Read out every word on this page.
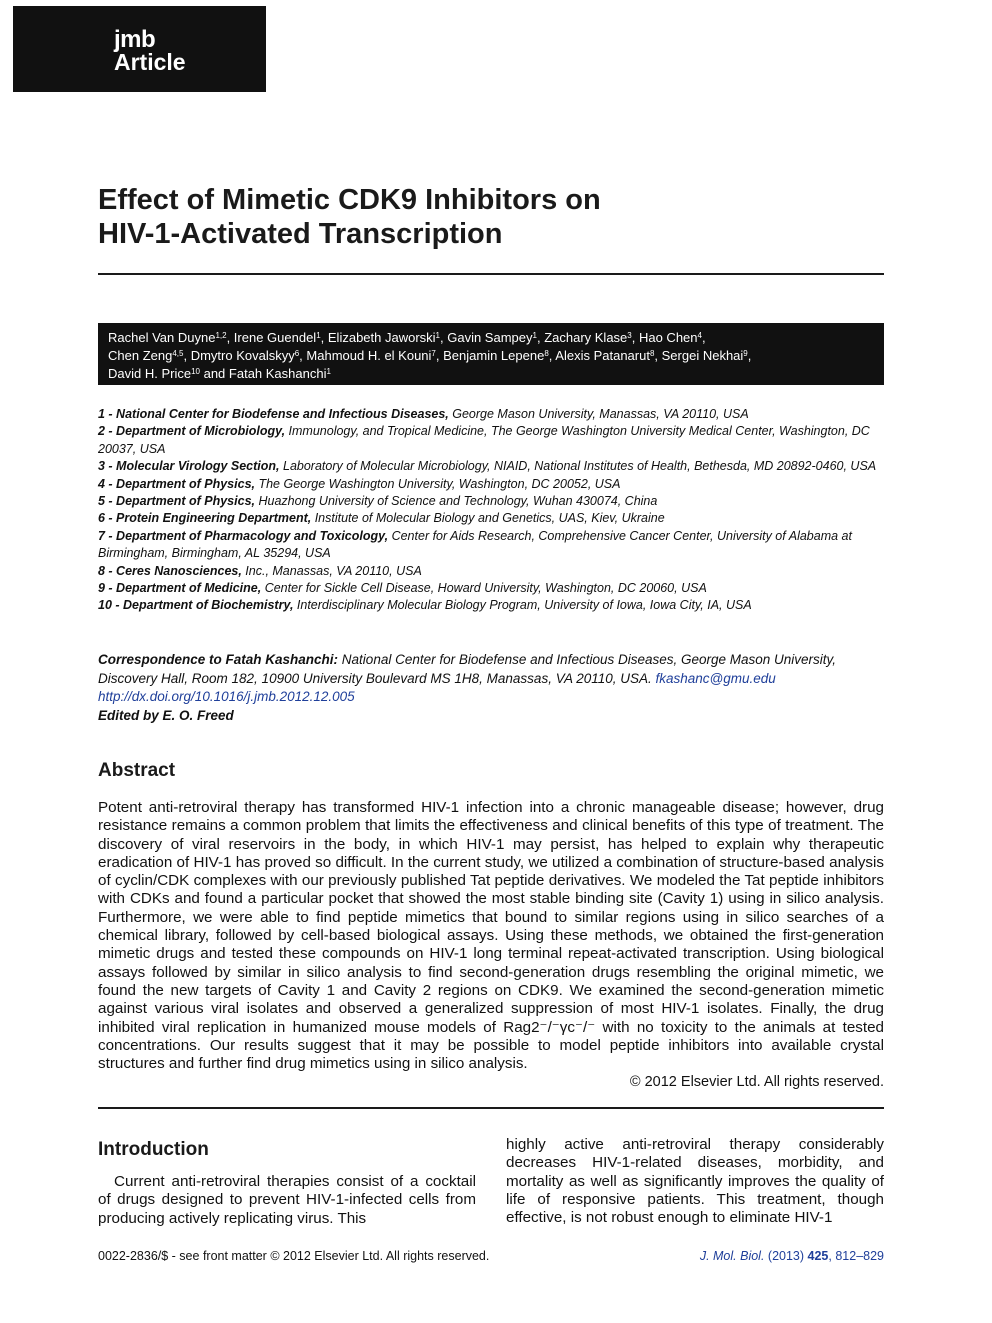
jmb
Article
Effect of Mimetic CDK9 Inhibitors on
HIV-1-Activated Transcription
Rachel Van Duyne$^{1,2}$, Irene Guendel$^1$, Elizabeth Jaworski$^1$, Gavin Sampey$^1$, Zachary Klase$^3$, Hao Chen$^4$,
Chen Zeng$^{4,5}$, Dmytro Kovalskyy$^6$, Mahmoud H. el Kouni$^7$, Benjamin Lepene$^8$, Alexis Patanarut$^8$, Sergei Nekhai$^9$,
David H. Price$^{10}$ and Fatah Kashanchi$^1$
1 - National Center for Biodefense and Infectious Diseases, George Mason University, Manassas, VA 20110, USA
2 - Department of Microbiology, Immunology, and Tropical Medicine, The George Washington University Medical Center, Washington, DC 20037, USA
3 - Molecular Virology Section, Laboratory of Molecular Microbiology, NIAID, National Institutes of Health, Bethesda, MD 20892-0460, USA
4 - Department of Physics, The George Washington University, Washington, DC 20052, USA
5 - Department of Physics, Huazhong University of Science and Technology, Wuhan 430074, China
6 - Protein Engineering Department, Institute of Molecular Biology and Genetics, UAS, Kiev, Ukraine
7 - Department of Pharmacology and Toxicology, Center for Aids Research, Comprehensive Cancer Center, University of Alabama at Birmingham, Birmingham, AL 35294, USA
8 - Ceres Nanosciences, Inc., Manassas, VA 20110, USA
9 - Department of Medicine, Center for Sickle Cell Disease, Howard University, Washington, DC 20060, USA
10 - Department of Biochemistry, Interdisciplinary Molecular Biology Program, University of Iowa, Iowa City, IA, USA
Correspondence to Fatah Kashanchi: National Center for Biodefense and Infectious Diseases, George Mason University, Discovery Hall, Room 182, 10900 University Boulevard MS 1H8, Manassas, VA 20110, USA. fkashanc@gmu.edu
http://dx.doi.org/10.1016/j.jmb.2012.12.005
Edited by E. O. Freed
Abstract

Potent anti-retroviral therapy has transformed HIV-1 infection into a chronic manageable disease; however, drug resistance remains a common problem that limits the effectiveness and clinical benefits of this type of treatment. The discovery of viral reservoirs in the body, in which HIV-1 may persist, has helped to explain why therapeutic eradication of HIV-1 has proved so difficult. In the current study, we utilized a combination of structure-based analysis of cyclin/CDK complexes with our previously published Tat peptide derivatives. We modeled the Tat peptide inhibitors with CDKs and found a particular pocket that showed the most stable binding site (Cavity 1) using in silico analysis. Furthermore, we were able to find peptide mimetics that bound to similar regions using in silico searches of a chemical library, followed by cell-based biological assays. Using these methods, we obtained the first-generation mimetic drugs and tested these compounds on HIV-1 long terminal repeat-activated transcription. Using biological assays followed by similar in silico analysis to find second-generation drugs resembling the original mimetic, we found the new targets of Cavity 1 and Cavity 2 regions on CDK9. We examined the second-generation mimetic against various viral isolates and observed a generalized suppression of most HIV-1 isolates. Finally, the drug inhibited viral replication in humanized mouse models of Rag2⁻/⁻γc⁻/⁻ with no toxicity to the animals at tested concentrations. Our results suggest that it may be possible to model peptide inhibitors into available crystal structures and further find drug mimetics using in silico analysis.

© 2012 Elsevier Ltd. All rights reserved.
Introduction

Current anti-retroviral therapies consist of a cocktail of drugs designed to prevent HIV-1-infected cells from producing actively replicating virus. This

highly active anti-retroviral therapy considerably decreases HIV-1-related diseases, morbidity, and mortality as well as significantly improves the quality of life of responsive patients. This treatment, though effective, is not robust enough to eliminate HIV-1

0022-2836/$ - see front matter © 2012 Elsevier Ltd. All rights reserved.	J. Mol. Biol. (2013) 425, 812–829
